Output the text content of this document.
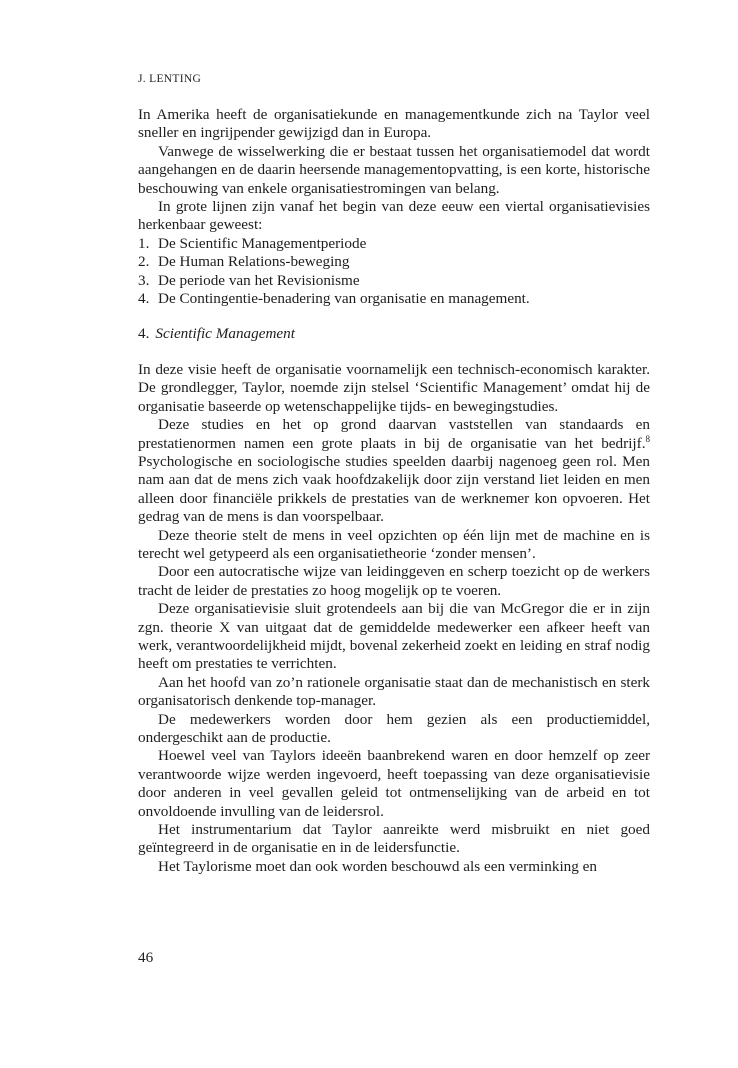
J. LENTING

In Amerika heeft de organisatiekunde en managementkunde zich na Taylor veel sneller en ingrijpender gewijzigd dan in Europa.

Vanwege de wisselwerking die er bestaat tussen het organisatiemodel dat wordt aangehangen en de daarin heersende managementopvatting, is een korte, historische beschouwing van enkele organisatiestromingen van belang.

In grote lijnen zijn vanaf het begin van deze eeuw een viertal organisatievisies herkenbaar geweest:

1. De Scientific Managementperiode
2. De Human Relations-beweging
3. De periode van het Revisionisme
4. De Contingentie-benadering van organisatie en management.
4. Scientific Management

In deze visie heeft de organisatie voornamelijk een technisch-economisch karakter. De grondlegger, Taylor, noemde zijn stelsel ‘Scientific Management’ omdat hij de organisatie baseerde op wetenschappelijke tijds- en bewegingstudies.

Deze studies en het op grond daarvan vaststellen van standaards en prestatienormen namen een grote plaats in bij de organisatie van het bedrijf.$^8$ Psychologische en sociologische studies speelden daarbij nagenoeg geen rol. Men nam aan dat de mens zich vaak hoofdzakelijk door zijn verstand liet leiden en men alleen door financiële prikkels de prestaties van de werknemer kon opvoeren. Het gedrag van de mens is dan voorspelbaar.

Deze theorie stelt de mens in veel opzichten op één lijn met de machine en is terecht wel getypeerd als een organisatietheorie ‘zonder mensen’.

Door een autocratische wijze van leidinggeven en scherp toezicht op de werkers tracht de leider de prestaties zo hoog mogelijk op te voeren.

Deze organisatievisie sluit grotendeels aan bij die van McGregor die er in zijn zgn. theorie X van uitgaat dat de gemiddelde medewerker een afkeer heeft van werk, verantwoordelijkheid mijdt, bovenal zekerheid zoekt en leiding en straf nodig heeft om prestaties te verrichten.

Aan het hoofd van zo’n rationele organisatie staat dan de mechanistisch en sterk organisatorisch denkende top-manager.

De medewerkers worden door hem gezien als een productiemiddel, ondergeschikt aan de productie.

Hoewel veel van Taylors ideeën baanbrekend waren en door hemzelf op zeer verantwoorde wijze werden ingevoerd, heeft toepassing van deze organisatievisie door anderen in veel gevallen geleid tot ontmenselijking van de arbeid en tot onvoldoende invulling van de leidersrol.

Het instrumentarium dat Taylor aanreikte werd misbruikt en niet goed geïntegreerd in de organisatie en in de leidersfunctie.

Het Taylorisme moet dan ook worden beschouwd als een verminking en

46
